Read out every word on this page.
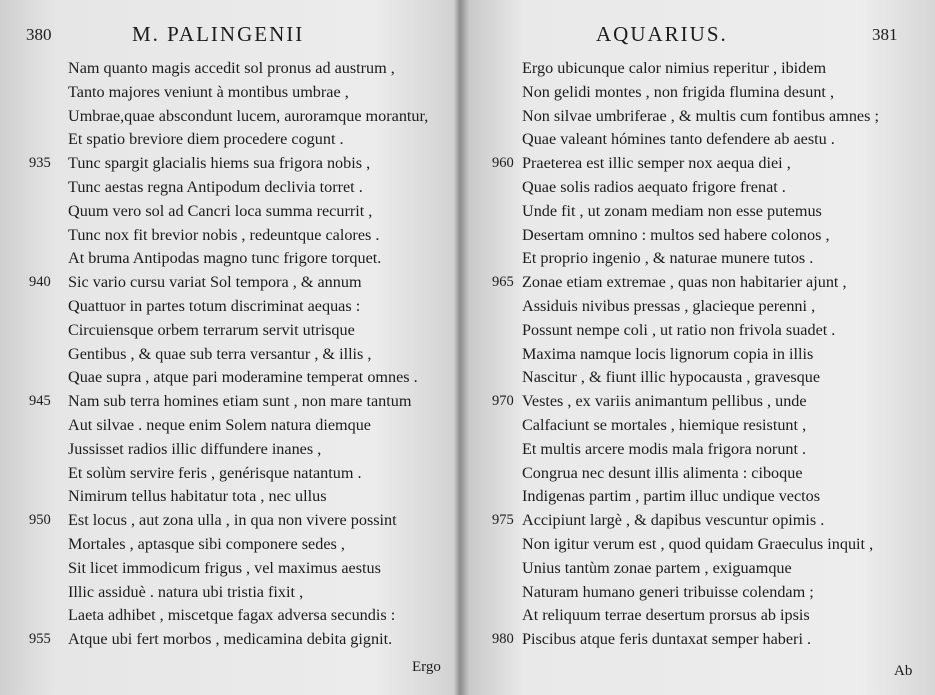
380	M. PALINGENII
Nam quanto magis accedit sol pronus ad austrum ,
Tanto majores veniunt à montibus umbrae ,
Umbrae,quae abscondunt lucem, auroramque morantur,
Et spatio breviore diem procedere cogunt .
935 Tunc spargit glacialis hiems sua frigora nobis ,
Tunc aestas regna Antipodum declivia torret .
Quum vero sol ad Cancri loca summa recurrit ,
Tunc nox fit brevior nobis , redeuntque calores .
At bruma Antipodas magno tunc frigore torquet.
940 Sic vario cursu variat Sol tempora , & annum
Quattuor in partes totum discriminat aequas :
Circuiensque orbem terrarum servit utrisque
Gentibus , & quae sub terra versantur , & illis ,
Quae supra , atque pari moderamine temperat omnes .
945 Nam sub terra homines etiam sunt , non mare tantum
Aut silvae . neque enim Solem natura diemque
Jussisset radios illic diffundere inanes ,
Et solùm servire feris , genérisque natantum .
Nimirum tellus habitatur tota , nec ullus
950 Est locus , aut zona ulla , in qua non vivere possint
Mortales , aptasque sibi componere sedes ,
Sit licet immodicum frigus , vel maximus aestus
Illic assiduè . natura ubi tristia fixit ,
Laeta adhibet , miscetque fagax adversa secundis :
955 Atque ubi fert morbos , medicamina debita gignit.
Ergo
AQUARIUS.	381
Ergo ubicunque calor nimius reperitur , ibidem
Non gelidi montes , non frigida flumina desunt ,
Non silvae umbriferae , & multis cum fontibus amnes ;
Quae valeant hómines tanto defendere ab aestu .
960 Praeterea est illic semper nox aequa diei ,
Quae solis radios aequato frigore frenat .
Unde fit , ut zonam mediam non esse putemus
Desertam omnino : multos sed habere colonos ,
Et proprio ingenio , & naturae munere tutos .
965 Zonae etiam extremae , quas non habitarier ajunt ,
Assiduis nivibus pressas , glacieque perenni ,
Possunt nempe coli , ut ratio non frivola suadet .
Maxima namque locis lignorum copia in illis
Nascitur , & fiunt illic hypocausta , gravesque
970 Vestes , ex variis animantum pellibus , unde
Calfaciunt se mortales , hiemique resistunt ,
Et multis arcere modis mala frigora norunt .
Congrua nec desunt illis alimenta : ciboque
Indigenas partim , partim illuc undique vectos
975 Accipiunt largè , & dapibus vescuntur opimis .
Non igitur verum est , quod quidam Graeculus inquit ,
Unius tantùm zonae partem , exiguamque
Naturam humano generi tribuisse colendam ;
At reliquum terrae desertum prorsus ab ipsis
980 Piscibus atque feris duntaxat semper haberi .
Ab
